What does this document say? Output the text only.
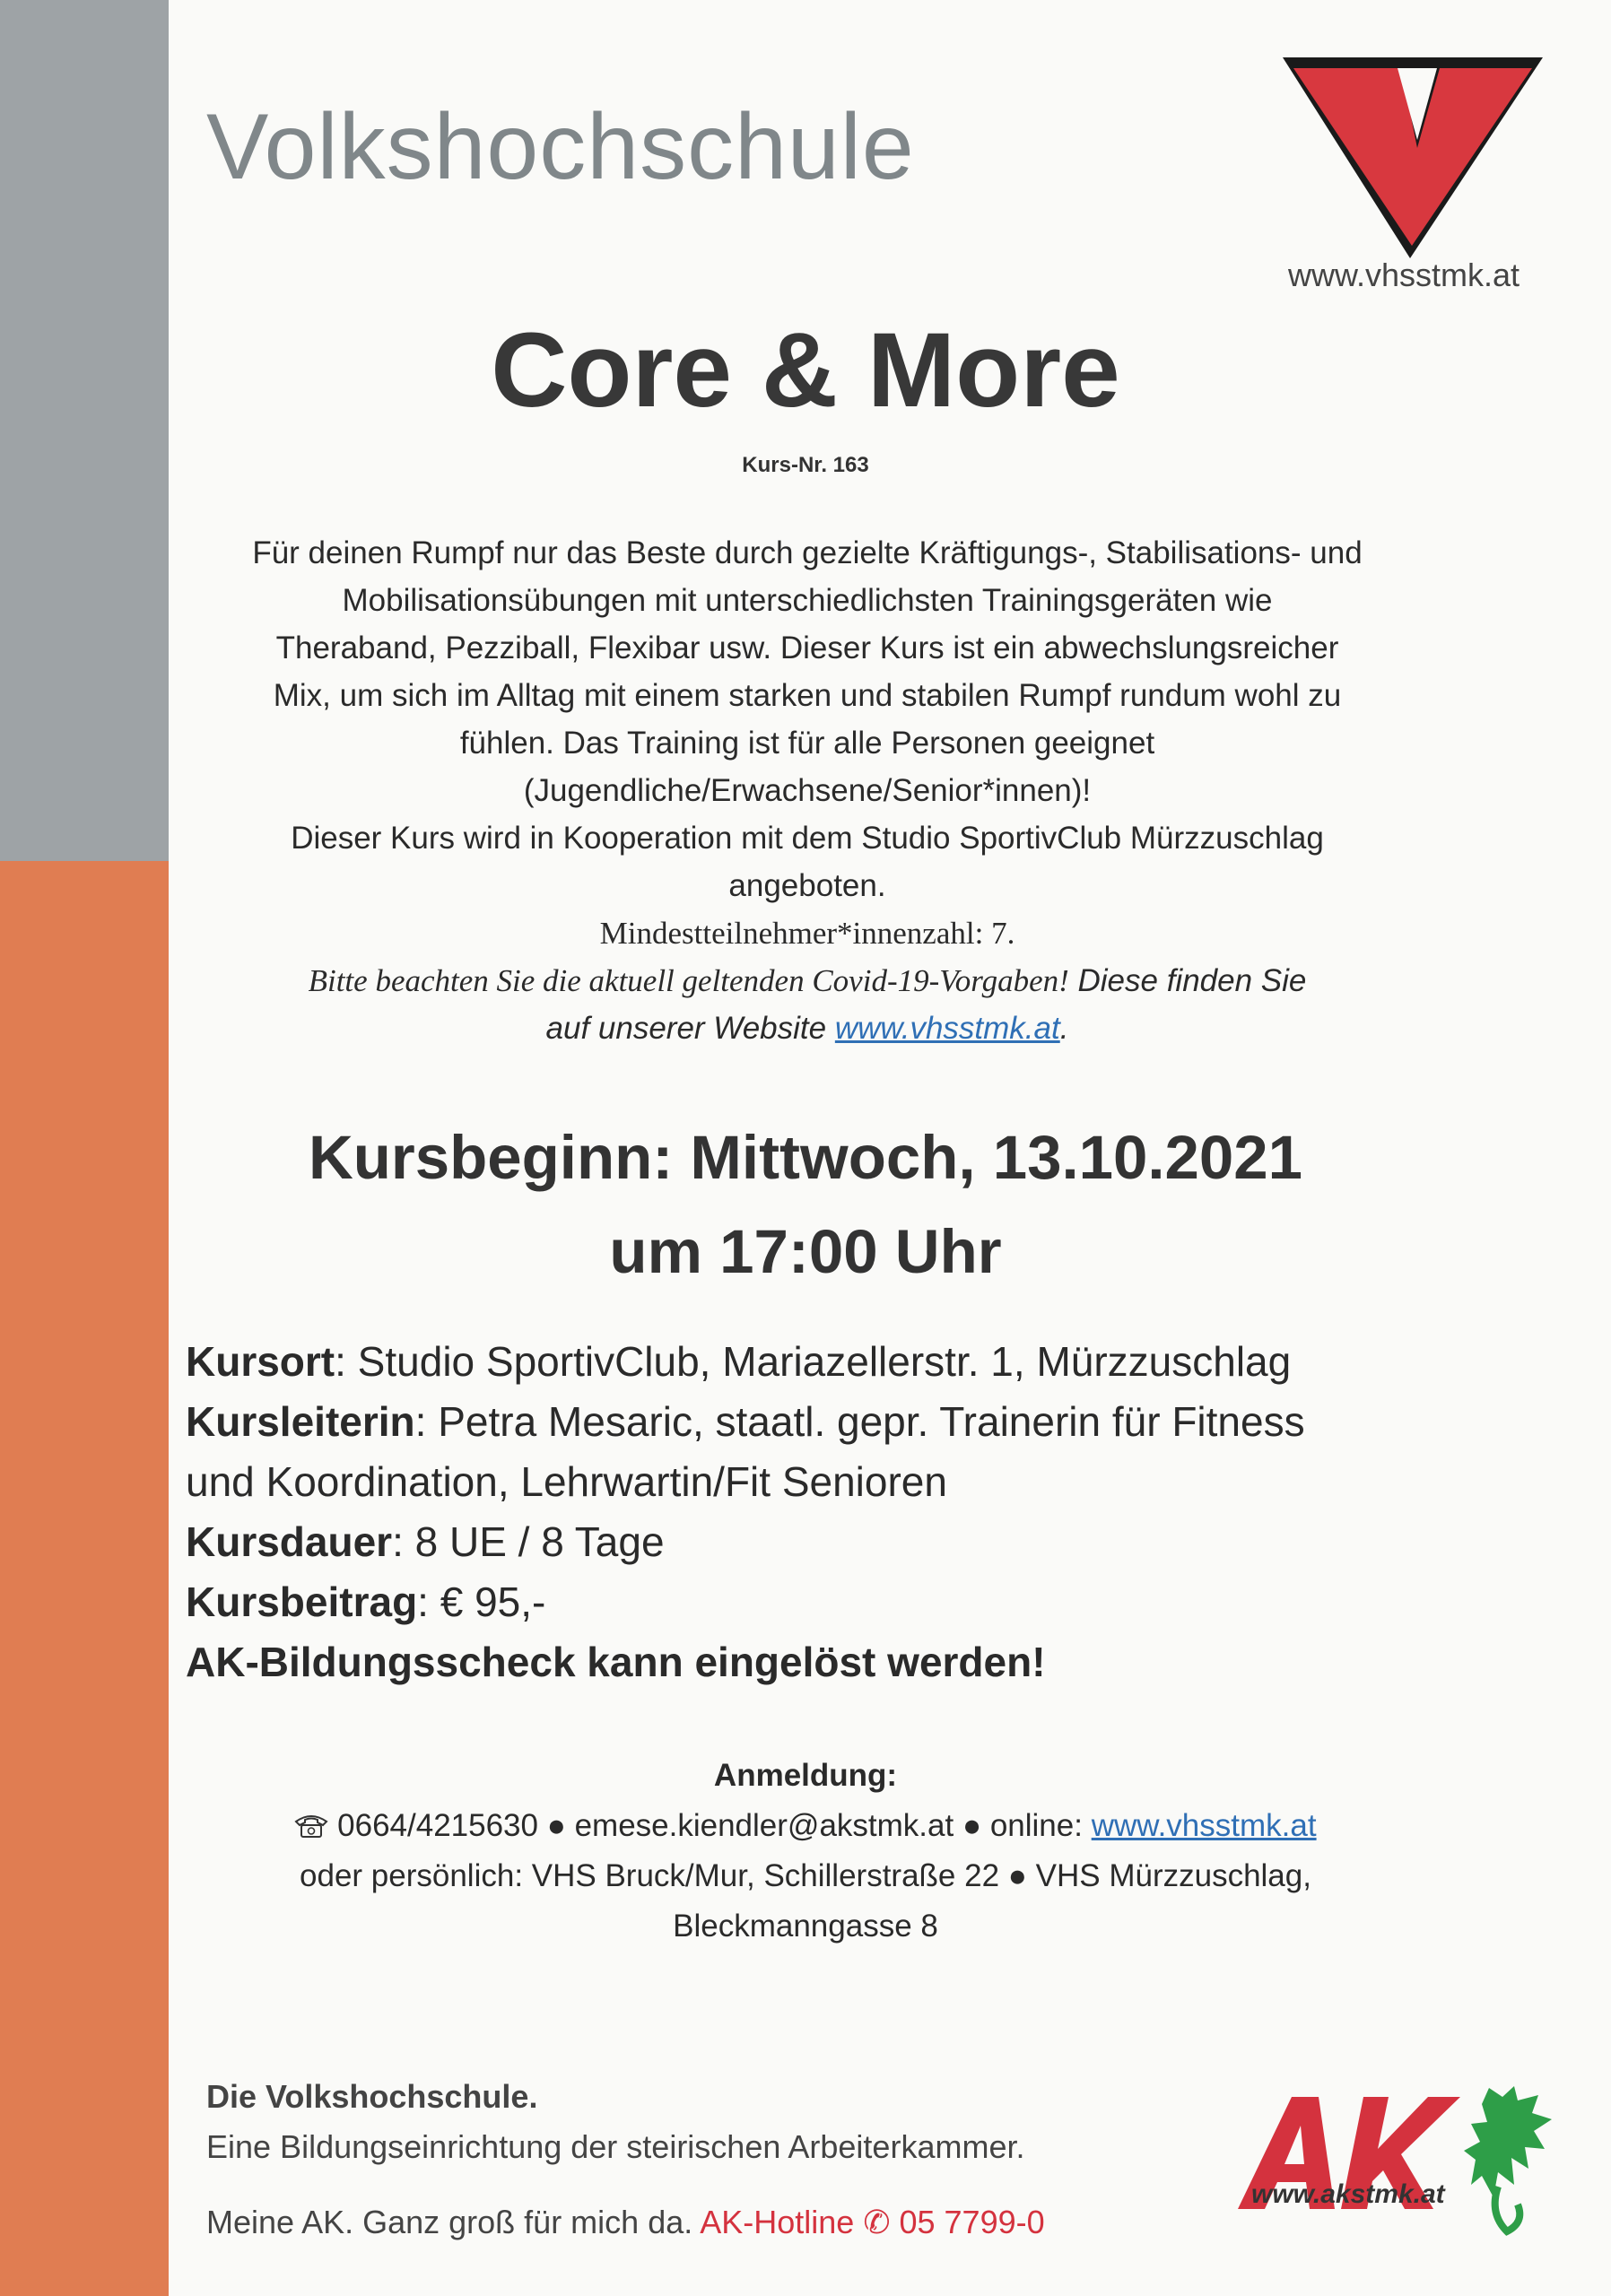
Volkshochschule
www.vhsstmk.at
Core & More
Kurs-Nr. 163

Für deinen Rumpf nur das Beste durch gezielte Kräftigungs-, Stabilisations- und

Mobilisationsübungen mit unterschiedlichsten Trainingsgeräten wie

Theraband, Pezziball, Flexibar usw. Dieser Kurs ist ein abwechslungsreicher

Mix, um sich im Alltag mit einem starken und stabilen Rumpf rundum wohl zu

fühlen. Das Training ist für alle Personen geeignet

(Jugendliche/Erwachsene/Senior*innen)!

Dieser Kurs wird in Kooperation mit dem Studio SportivClub Mürzzuschlag

angeboten.

Mindestteilnehmer*innenzahl: 7.

Bitte beachten Sie die aktuell geltenden Covid-19-Vorgaben! Diese finden Sie

auf unserer Website www.vhsstmk.at.

Kursbeginn: Mittwoch, 13.10.2021
um 17:00 Uhr

Kursort: Studio SportivClub, Mariazellerstr. 1, Mürzzuschlag

Kursleiterin: Petra Mesaric, staatl. gepr. Trainerin für Fitness

und Koordination, Lehrwartin/Fit Senioren

Kursdauer: 8 UE / 8 Tage

Kursbeitrag: € 95,-

AK-Bildungsscheck kann eingelöst werden!

Anmeldung:

0664/4215630 ● emese.kiendler@akstmk.at ● online: www.vhsstmk.at

oder persönlich: VHS Bruck/Mur, Schillerstraße 22 ● VHS Mürzzuschlag,

Bleckmanngasse 8

Die Volkshochschule.

Eine Bildungseinrichtung der steirischen Arbeiterkammer.

Meine AK. Ganz groß für mich da. AK-Hotline ✆ 05 7799-0

www.akstmk.at
